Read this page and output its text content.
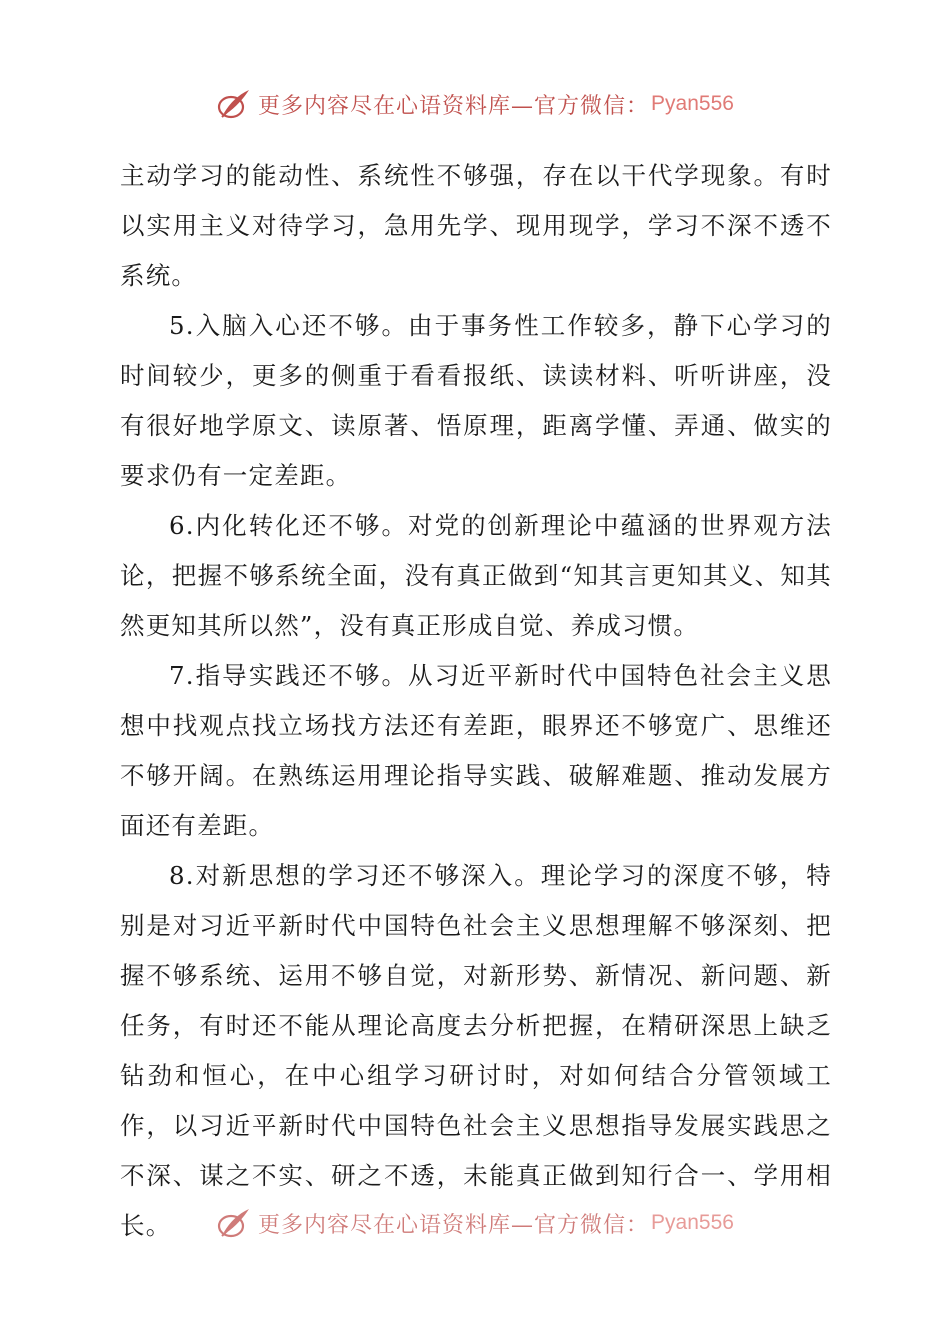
更多内容尽在心语资料库—官方微信： Pyan556

主动学习的能动性、系统性不够强，存在以干代学现象。有时以实用主义对待学习，急用先学、现用现学，学习不深不透不系统。

5.入脑入心还不够。由于事务性工作较多，静下心学习的时间较少，更多的侧重于看看报纸、读读材料、听听讲座，没有很好地学原文、读原著、悟原理，距离学懂、弄通、做实的要求仍有一定差距。

6.内化转化还不够。对党的创新理论中蕴涵的世界观方法论，把握不够系统全面，没有真正做到“知其言更知其义、知其然更知其所以然”，没有真正形成自觉、养成习惯。

7.指导实践还不够。从习近平新时代中国特色社会主义思想中找观点找立场找方法还有差距，眼界还不够宽广、思维还不够开阔。在熟练运用理论指导实践、破解难题、推动发展方面还有差距。

8.对新思想的学习还不够深入。理论学习的深度不够，特别是对习近平新时代中国特色社会主义思想理解不够深刻、把握不够系统、运用不够自觉，对新形势、新情况、新问题、新任务，有时还不能从理论高度去分析把握，在精研深思上缺乏钻劲和恒心，在中心组学习研讨时，对如何结合分管领域工作，以习近平新时代中国特色社会主义思想指导发展实践思之不深、谋之不实、研之不透，未能真正做到知行合一、学用相长。	更多内容尽在心语资料库—官方微信： Pyan556
